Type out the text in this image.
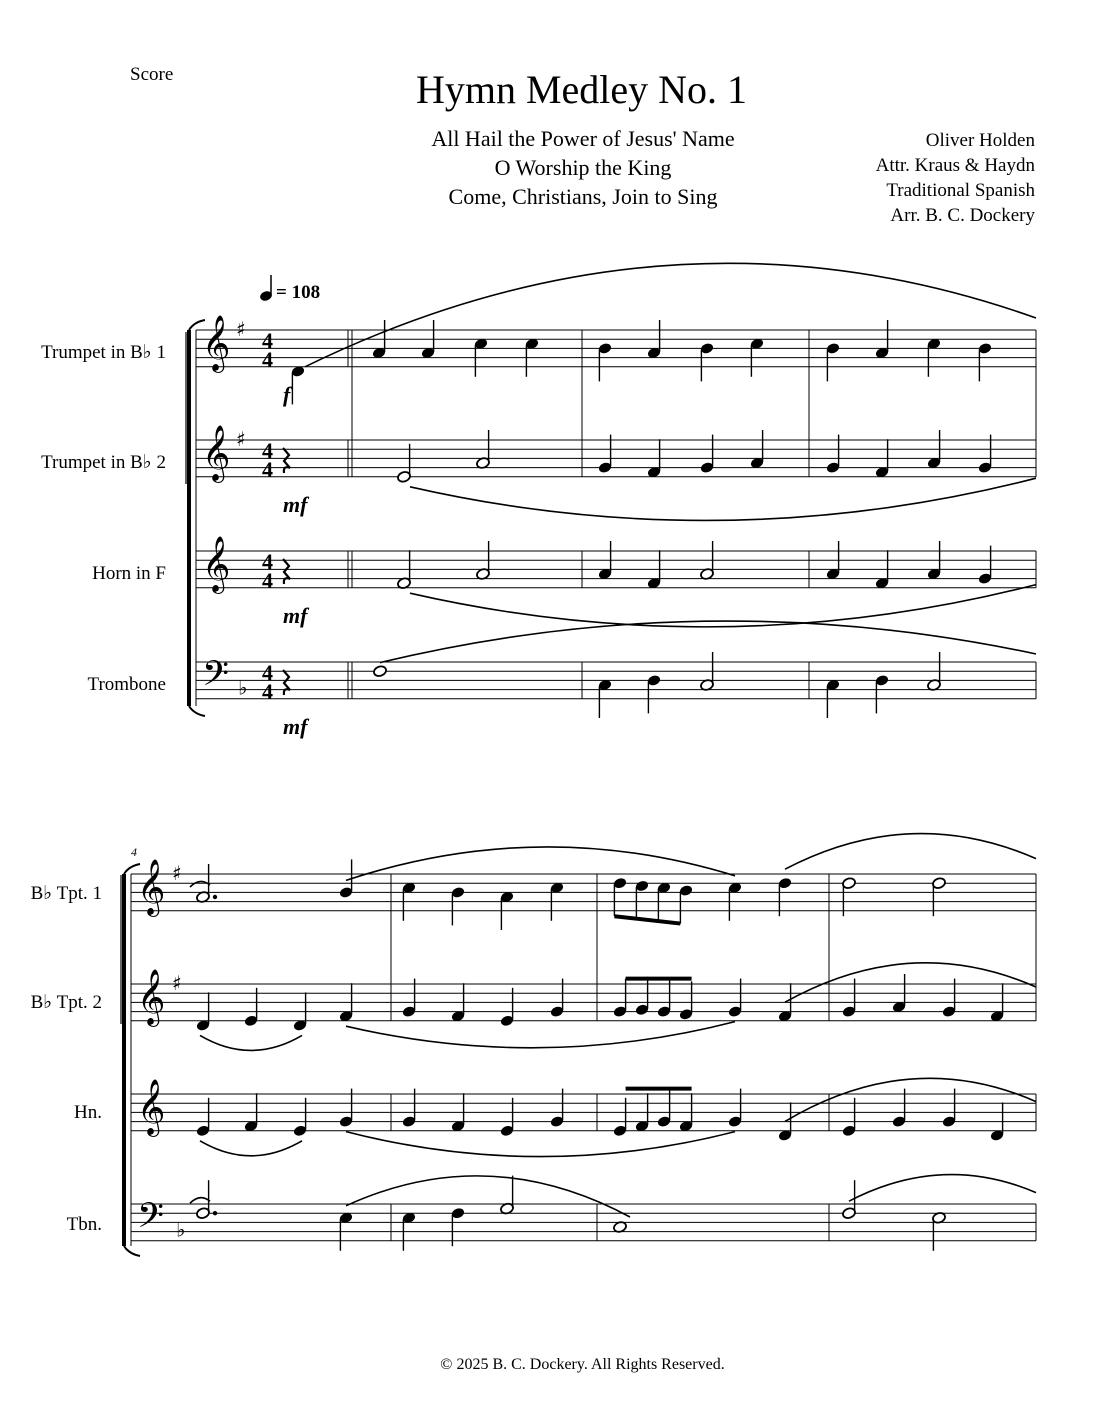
Score	Hymn Medley No. 1
All Hail the Power of Jesus' Name
O Worship the King
Come, Christians, Join to Sing
Oliver Holden
Attr. Kraus & Haydn
Traditional Spanish
Arr. B. C. Dockery
= 108
Trumpet in B♭ 1
Trumpet in B♭ 2
Horn in F
Trombone
𝄞 ♯ 4
4
f
𝄞 ♯ 4
4
mf
𝄞 4
4
mf
𝄢 ♭
4
4
mf
4
B♭ Tpt. 1
B♭ Tpt. 2
Hn.
Tbn.
𝄞 ♯
𝄞 ♯
𝄞
𝄢 ♭
© 2025 B. C. Dockery. All Rights Reserved.
